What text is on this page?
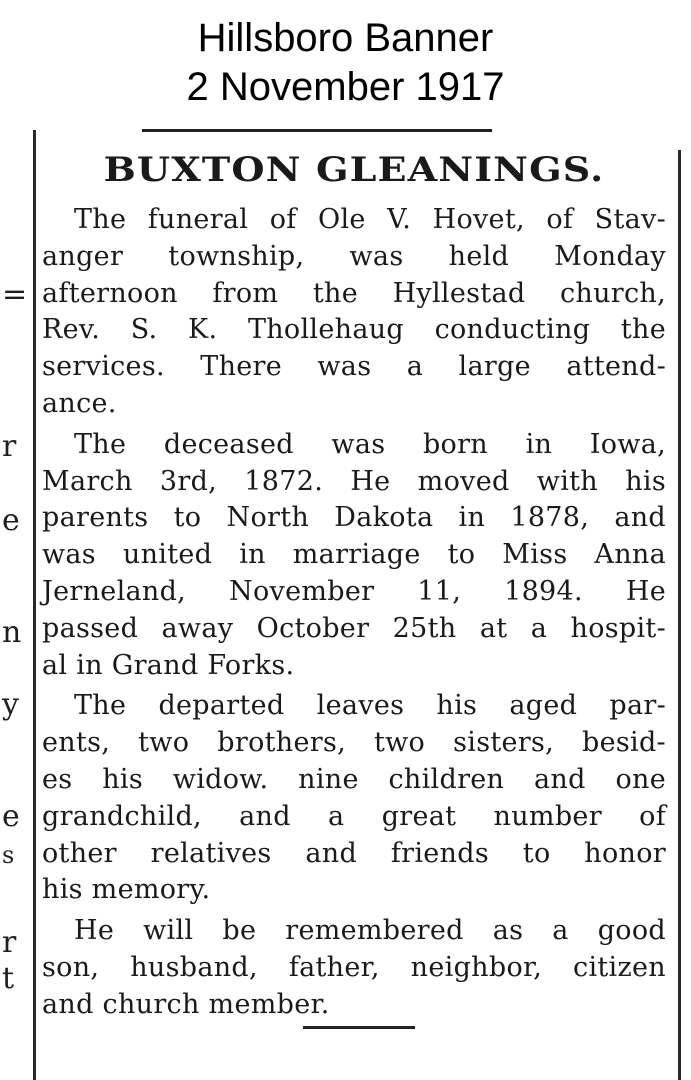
Hillsboro Banner
2 November 1917
=
r
e
n
y
e
s
r
t
BUXTON GLEANINGS.
The funeral of Ole V. Hovet, of Stav-
anger township, was held Monday
afternoon from the Hyllestad church,
Rev. S. K. Thollehaug conducting the
services. There was a large attend-
ance.
The deceased was born in Iowa,
March 3rd, 1872. He moved with his
parents to North Dakota in 1878, and
was united in marriage to Miss Anna
Jerneland, November 11, 1894. He
passed away October 25th at a hospit-
al in Grand Forks.
The departed leaves his aged par-
ents, two brothers, two sisters, besid-
es his widow. nine children and one
grandchild, and a great number of
other relatives and friends to honor
his memory.
He will be remembered as a good
son, husband, father, neighbor, citizen
and church member.
